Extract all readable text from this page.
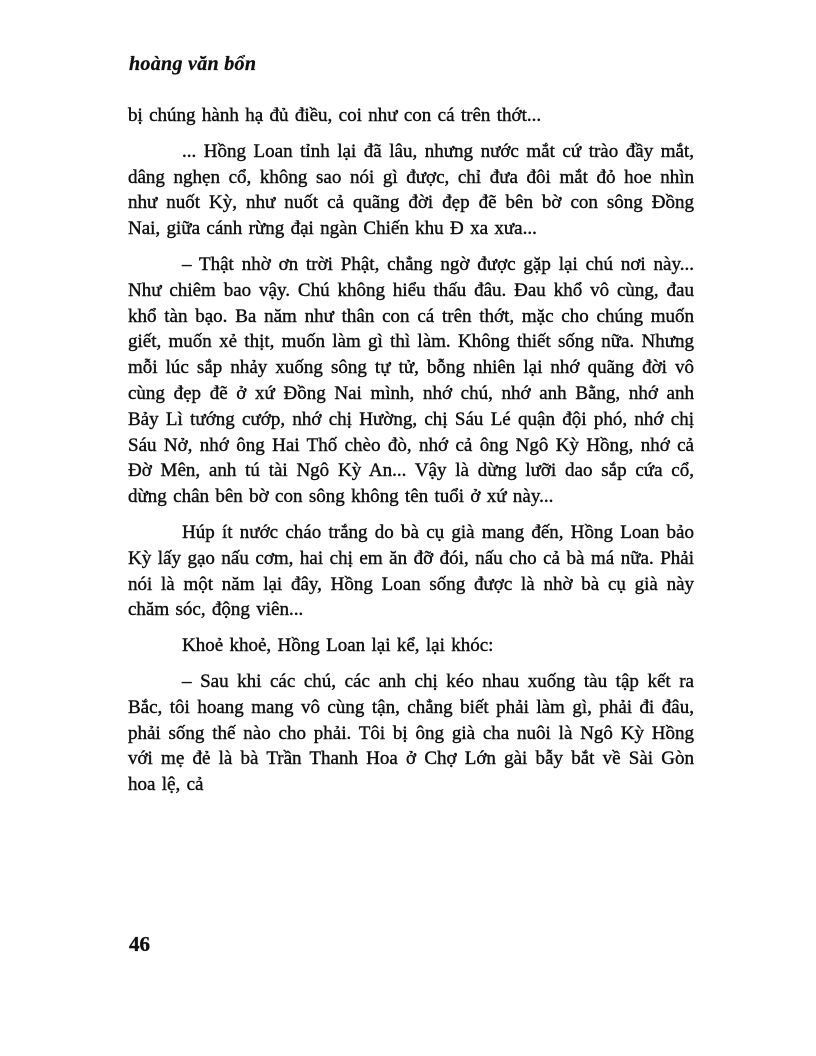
hoàng văn bổn

bị chúng hành hạ đủ điều, coi như con cá trên thớt...

... Hồng Loan tỉnh lại đã lâu, nhưng nước mắt cứ trào đầy mắt, dâng nghẹn cổ, không sao nói gì được, chỉ đưa đôi mắt đỏ hoe nhìn như nuốt Kỳ, như nuốt cả quãng đời đẹp đẽ bên bờ con sông Đồng Nai, giữa cánh rừng đại ngàn Chiến khu Đ xa xưa...

– Thật nhờ ơn trời Phật, chẳng ngờ được gặp lại chú nơi này... Như chiêm bao vậy. Chú không hiểu thấu đâu. Đau khổ vô cùng, đau khổ tàn bạo. Ba năm như thân con cá trên thớt, mặc cho chúng muốn giết, muốn xẻ thịt, muốn làm gì thì làm. Không thiết sống nữa. Nhưng mỗi lúc sắp nhảy xuống sông tự tử, bỗng nhiên lại nhớ quãng đời vô cùng đẹp đẽ ở xứ Đồng Nai mình, nhớ chú, nhớ anh Bằng, nhớ anh Bảy Lì tướng cướp, nhớ chị Hường, chị Sáu Lé quận đội phó, nhớ chị Sáu Nở, nhớ ông Hai Thố chèo đò, nhớ cả ông Ngô Kỳ Hồng, nhớ cả Đờ Mên, anh tú tài Ngô Kỳ An... Vậy là dừng lưỡi dao sắp cứa cổ, dừng chân bên bờ con sông không tên tuổi ở xứ này...

Húp ít nước cháo trắng do bà cụ già mang đến, Hồng Loan bảo Kỳ lấy gạo nấu cơm, hai chị em ăn đỡ đói, nấu cho cả bà má nữa. Phải nói là một năm lại đây, Hồng Loan sống được là nhờ bà cụ già này chăm sóc, động viên...

Khoẻ khoẻ, Hồng Loan lại kể, lại khóc:

– Sau khi các chú, các anh chị kéo nhau xuống tàu tập kết ra Bắc, tôi hoang mang vô cùng tận, chẳng biết phải làm gì, phải đi đâu, phải sống thế nào cho phải. Tôi bị ông già cha nuôi là Ngô Kỳ Hồng với mẹ đẻ là bà Trần Thanh Hoa ở Chợ Lớn gài bẫy bắt về Sài Gòn hoa lệ, cả

46
